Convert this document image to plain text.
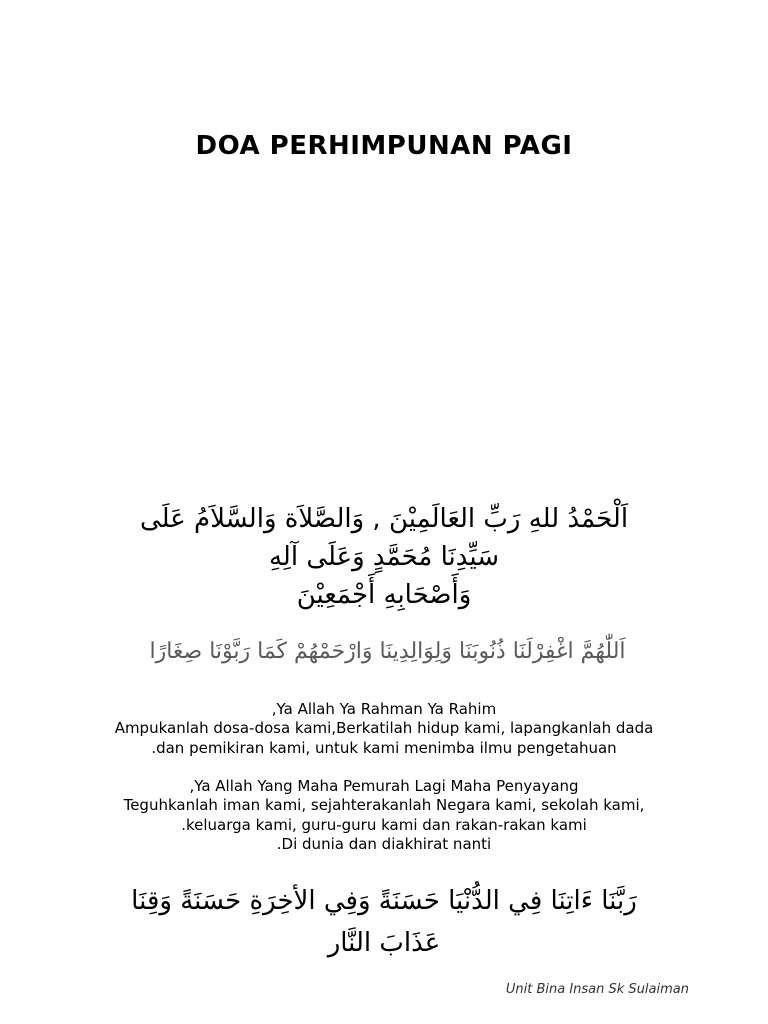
DOA PERHIMPUNAN PAGI

اَلْحَمْدُ للهِ رَبِّ العَالَمِيْنَ , وَالصَّلاَة وَالسَّلاَمُ عَلَى
سَيِّدِنَا مُحَمَّدٍ وَعَلَى آلِهِ
وَأَصْحَابِهِ أَجْمَعِيْنَ
اَللّٰهُمَّ اغْفِرْلَنَا ذُنُوبَنَا وَلِوَالِدِينَا وَارْحَمْهُمْ كَمَا رَبَّوْنَا صِغَارًا
,Ya Allah Ya Rahman Ya Rahim
Ampukanlah dosa-dosa kami,Berkatilah hidup kami, lapangkanlah dada
.dan pemikiran kami, untuk kami menimba ilmu pengetahuan
,Ya Allah Yang Maha Pemurah Lagi Maha Penyayang
Teguhkanlah iman kami, sejahterakanlah Negara kami, sekolah kami,
.keluarga kami, guru-guru kami dan rakan-rakan kami
.Di dunia dan diakhirat nanti
رَبَّنَا ءَاتِنَا فِي الدُّنْيَا حَسَنَةً وَفِي الأخِرَةِ حَسَنَةً وَقِنَا
عَذَابَ النَّار
Unit Bina Insan Sk Sulaiman
